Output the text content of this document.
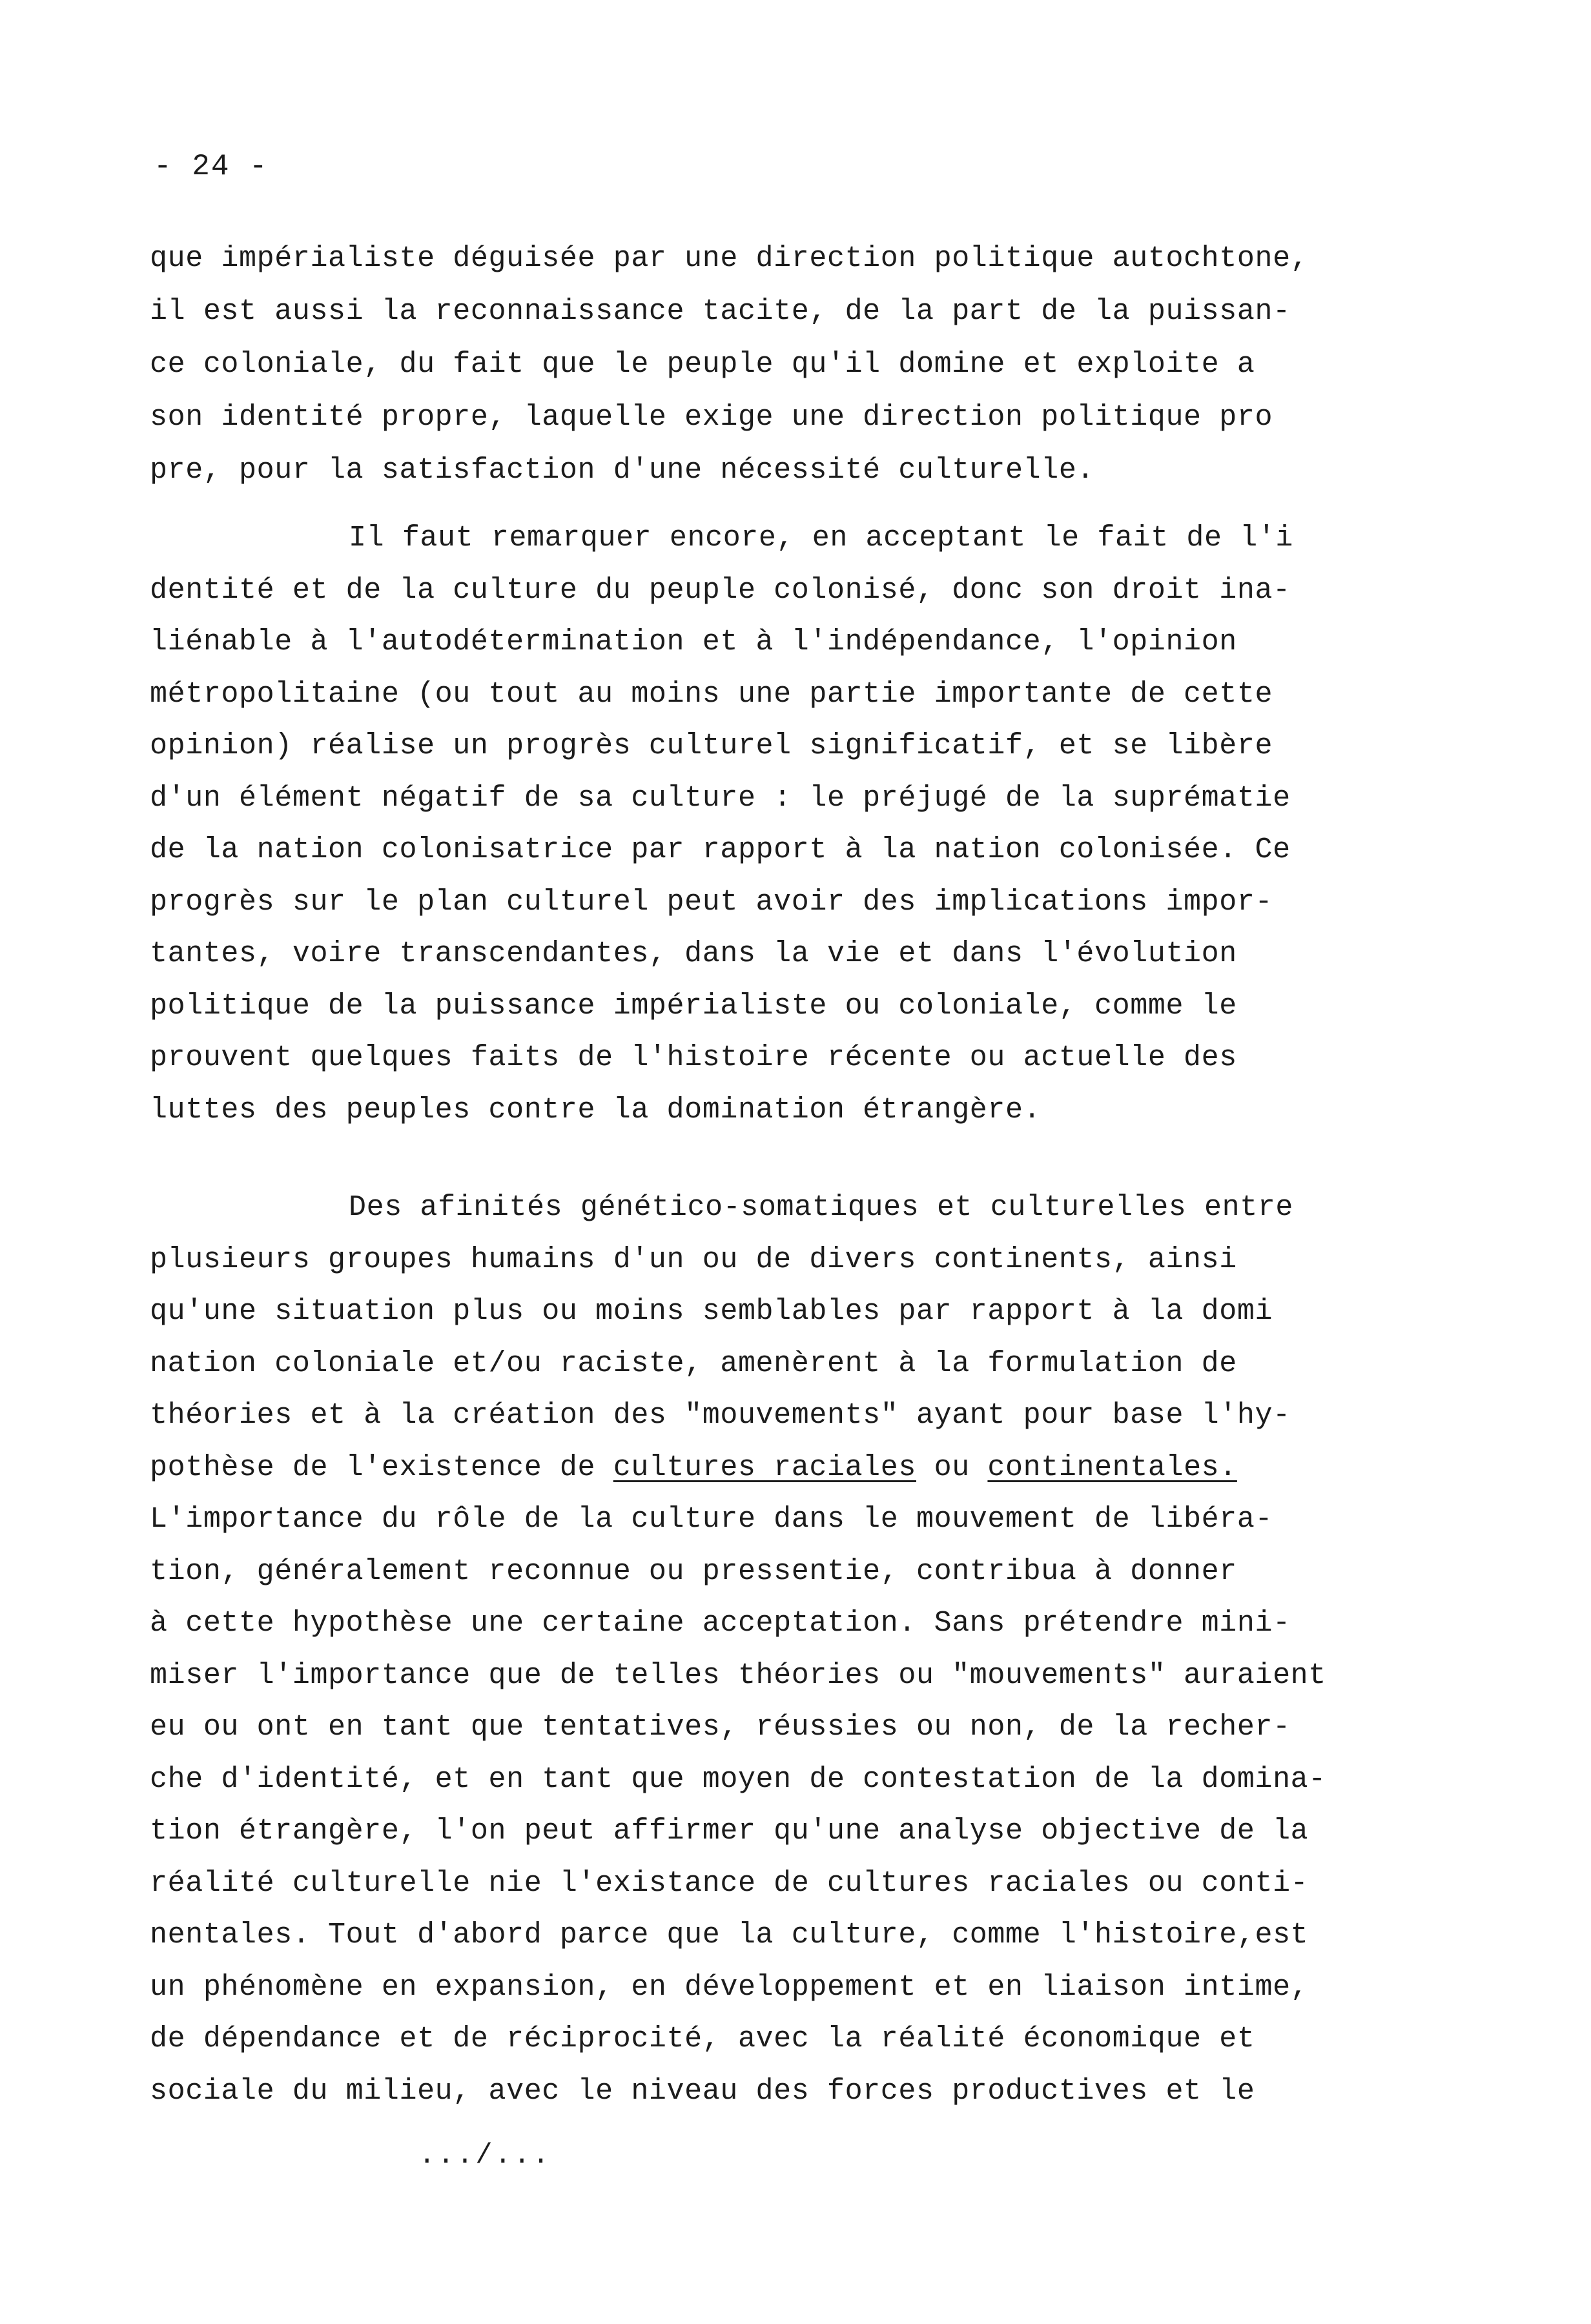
- 24 -
que impérialiste déguisée par une direction politique autochtone,
il est aussi la reconnaissance tacite, de la part de la puissan-
ce coloniale, du fait que le peuple qu'il domine et exploite a
son identité propre, laquelle exige une direction politique pro
pre, pour la satisfaction d'une nécessité culturelle.
Il faut remarquer encore, en acceptant le fait de l'i
dentité et de la culture du peuple colonisé, donc son droit ina-
liénable à l'autodétermination et à l'indépendance, l'opinion
métropolitaine (ou tout au moins une partie importante de cette
opinion) réalise un progrès culturel significatif, et se libère
d'un élément négatif de sa culture : le préjugé de la suprématie
de la nation colonisatrice par rapport à la nation colonisée. Ce
progrès sur le plan culturel peut avoir des implications impor-
tantes, voire transcendantes, dans la vie et dans l'évolution
politique de la puissance impérialiste ou coloniale, comme le
prouvent quelques faits de l'histoire récente ou actuelle des
luttes des peuples contre la domination étrangère.
Des afinités génético-somatiques et culturelles entre
plusieurs groupes humains d'un ou de divers continents, ainsi
qu'une situation plus ou moins semblables par rapport à la domi
nation coloniale et/ou raciste, amenèrent à la formulation de
théories et à la création des "mouvements" ayant pour base l'hy-
pothèse de l'existence de cultures raciales ou continentales.
L'importance du rôle de la culture dans le mouvement de libéra-
tion, généralement reconnue ou pressentie, contribua à donner
à cette hypothèse une certaine acceptation. Sans prétendre mini-
miser l'importance que de telles théories ou "mouvements" auraient
eu ou ont en tant que tentatives, réussies ou non, de la recher-
che d'identité, et en tant que moyen de contestation de la domina-
tion étrangère, l'on peut affirmer qu'une analyse objective de la
réalité culturelle nie l'existance de cultures raciales ou conti-
nentales. Tout d'abord parce que la culture, comme l'histoire,est
un phénomène en expansion, en développement et en liaison intime,
de dépendance et de réciprocité, avec la réalité économique et
sociale du milieu, avec le niveau des forces productives et le
.../...
